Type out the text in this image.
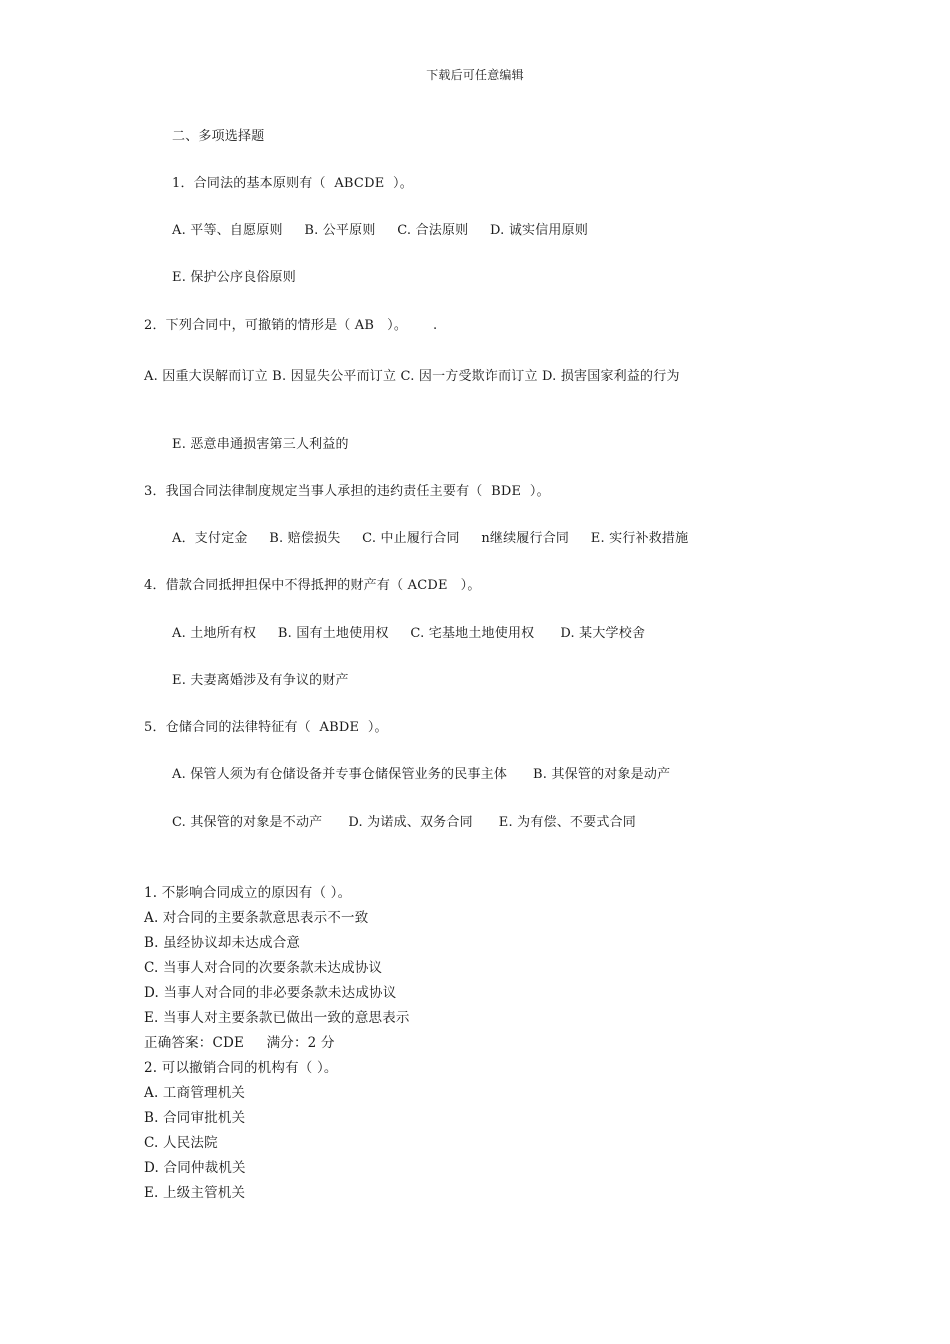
下载后可任意编辑
二、多项选择题
1．合同法的基本原则有（  ABCDE  ）。
A. 平等、自愿原则     B. 公平原则     C. 合法原则     D. 诚实信用原则
E. 保护公序良俗原则
2．下列合同中，可撤销的情形是（ AB   ）。      .
A. 因重大误解而订立 B. 因显失公平而订立 C. 因一方受欺诈而订立 D. 损害国家利益的行为
E. 恶意串通损害第三人利益的
3．我国合同法律制度规定当事人承担的违约责任主要有（  BDE  ）。
A．支付定金     B. 赔偿损失     C. 中止履行合同     n继续履行合同     E. 实行补救措施
4．借款合同抵押担保中不得抵押的财产有（ ACDE   ）。
A. 土地所有权     B. 国有土地使用权     C. 宅基地土地使用权      D. 某大学校舍
E. 夫妻离婚涉及有争议的财产
5．仓储合同的法律特征有（  ABDE  ）。
A. 保管人须为有仓储设备并专事仓储保管业务的民事主体      B. 其保管的对象是动产
C. 其保管的对象是不动产      D. 为诺成、双务合同      E. 为有偿、不要式合同
1. 不影响合同成立的原因有（ ）。
A. 对合同的主要条款意思表示不一致
B. 虽经协议却未达成合意
C. 当事人对合同的次要条款未达成协议
D. 当事人对合同的非必要条款未达成协议
E. 当事人对主要条款已做出一致的意思表示
正确答案：CDE     满分：2 分
2. 可以撤销合同的机构有（ ）。
A. 工商管理机关
B. 合同审批机关
C. 人民法院
D. 合同仲裁机关
E. 上级主管机关
